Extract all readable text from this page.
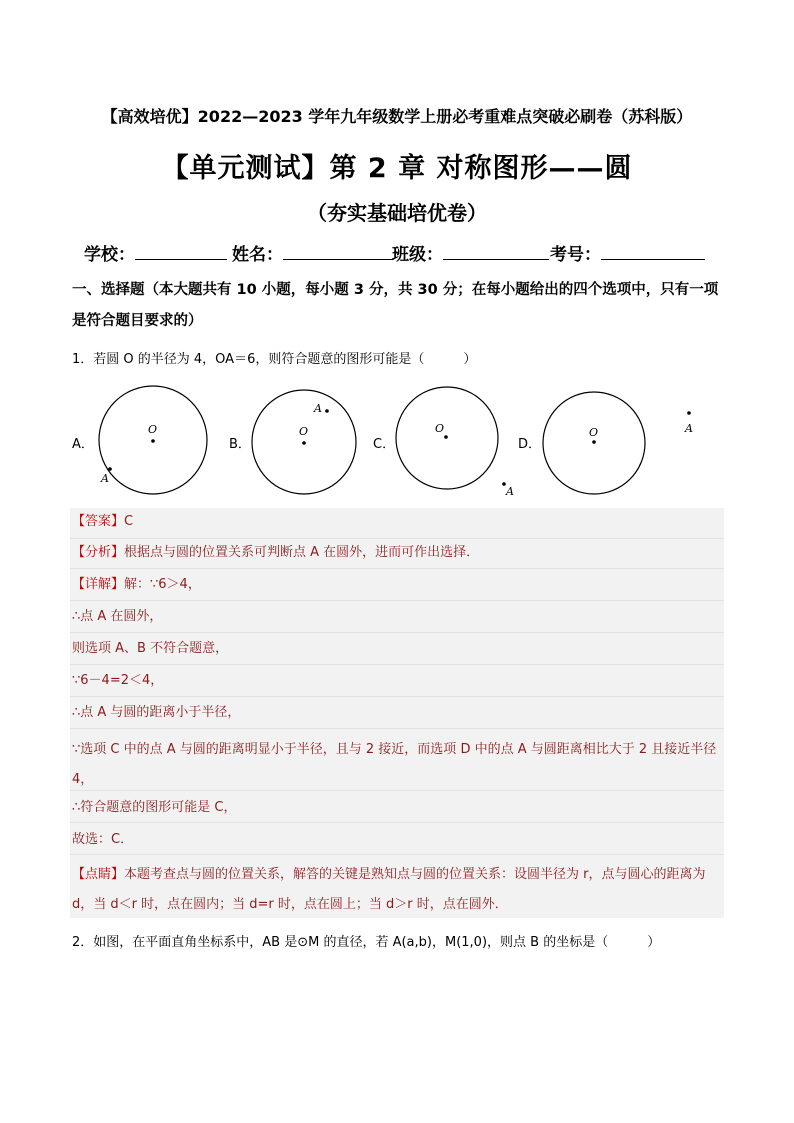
【高效培优】2022—2023 学年九年级数学上册必考重难点突破必刷卷（苏科版）
【单元测试】第 2 章 对称图形——圆
（夯实基础培优卷）
学校：	姓名：	班级：	考号：
一、选择题（本大题共有 10 小题，每小题 3 分，共 30 分；在每小题给出的四个选项中，只有一项是符合题目要求的）
1．若圆 O 的半径为 4，OA＝6，则符合题意的图形可能是（　　　）
A．
O
A
B．
O
A
C．
O
A
D．
O	A
【答案】C
【分析】根据点与圆的位置关系可判断点 A 在圆外，进而可作出选择．
【详解】解：∵6＞4，
∴点 A 在圆外，
则选项 A、B 不符合题意，
∵6－4=2＜4，
∴点 A 与圆的距离小于半径，
∵选项 C 中的点 A 与圆的距离明显小于半径，且与 2 接近，而选项 D 中的点 A 与圆距离相比大于 2 且接近半径 4，
∴符合题意的图形可能是 C，
故选：C．
【点睛】本题考查点与圆的位置关系，解答的关键是熟知点与圆的位置关系：设圆半径为 r，点与圆心的距离为 d，当 d＜r 时，点在圆内；当 d=r 时，点在圆上；当 d＞r 时，点在圆外．
2．如图，在平面直角坐标系中，AB 是⊙M 的直径，若 A(a,b)，M(1,0)，则点 B 的坐标是（　　　）
